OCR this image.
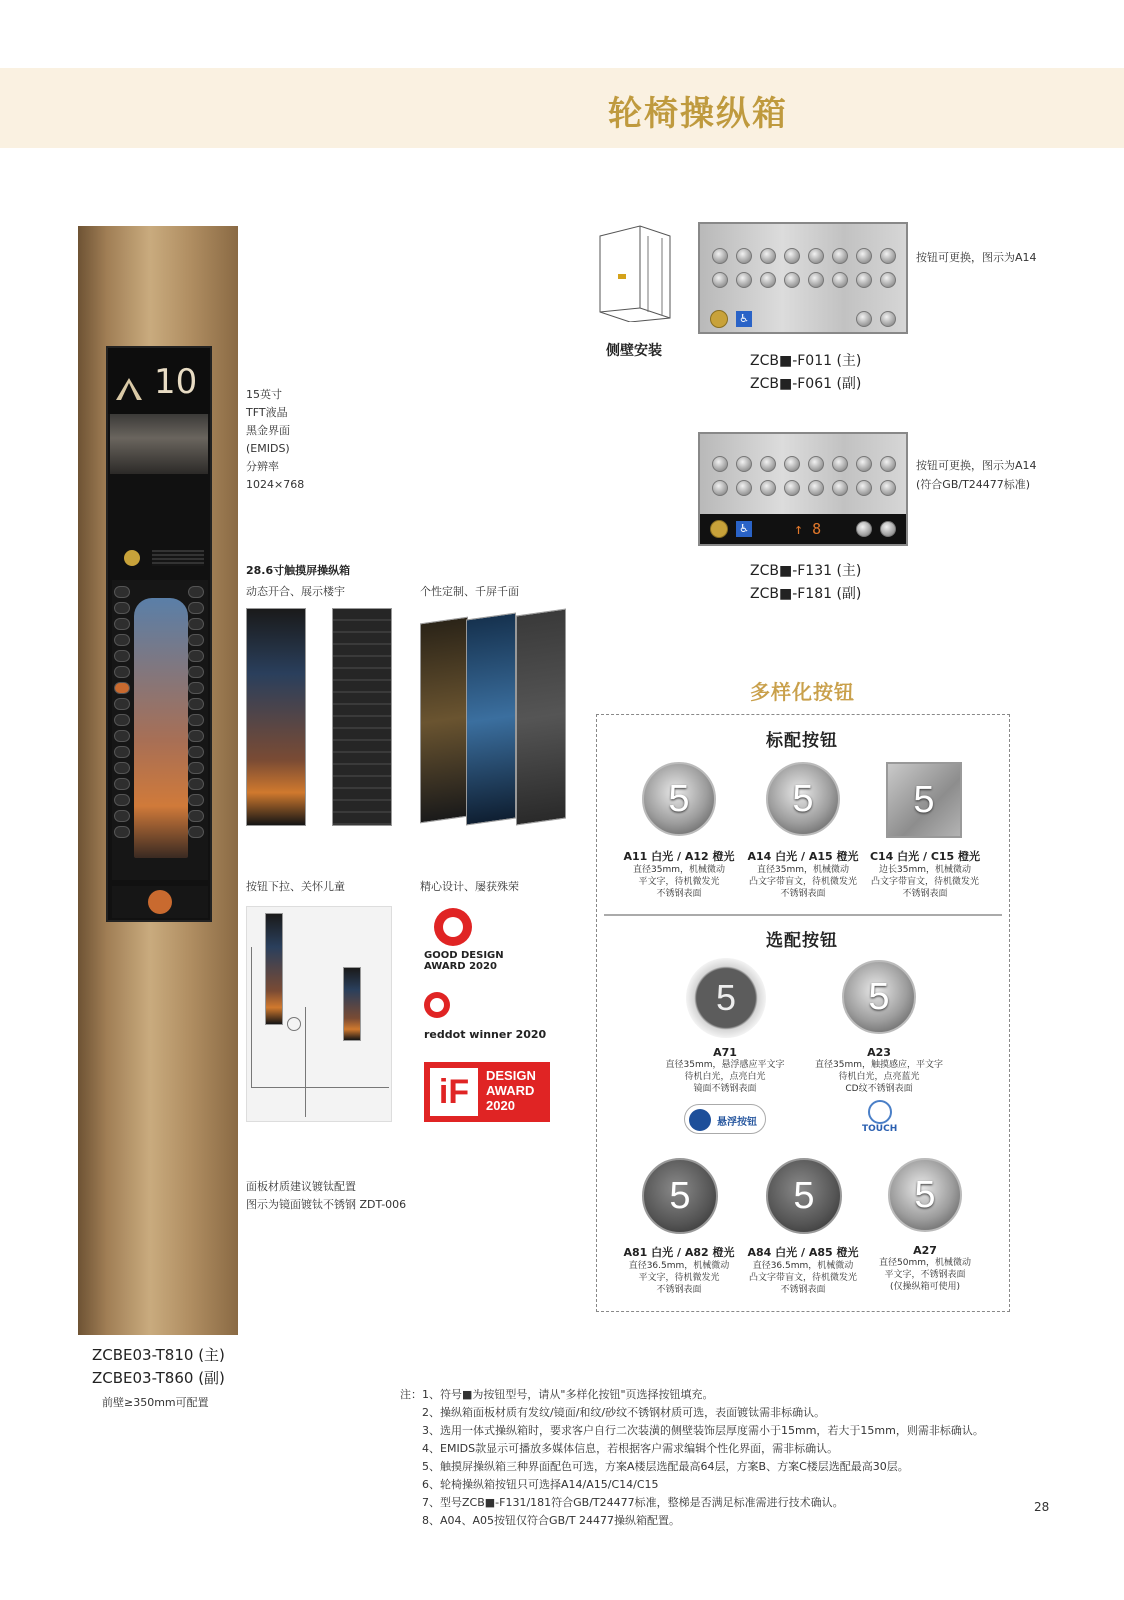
轮椅操纵箱
10
ZCBE03-T810 (主)
ZCBE03-T860 (副)
前壁≥350mm可配置
15英寸
TFT液晶
黑金界面
(EMIDS)
分辨率
1024×768
28.6寸触摸屏操纵箱
动态开合、展示楼宇	个性定制、千屏千面
按钮下拉、关怀儿童	精心设计、屡获殊荣
GOOD DESIGN
AWARD 2020
reddot winner 2020
iF	DESIGN
AWARD
2020
面板材质建议镀钛配置
图示为镜面镀钛不锈钢 ZDT-006
侧壁安装
♿
按钮可更换，图示为A14
ZCB■-F011 (主)
ZCB■-F061 (副)
♿	↑ 8
按钮可更换，图示为A14
(符合GB/T24477标准)
ZCB■-F131 (主)
ZCB■-F181 (副)
多样化按钮
标配按钮
5	5	5
A11 白光 / A12 橙光
直径35mm，机械微动
平文字，待机微发光
不锈钢表面
A14 白光 / A15 橙光
直径35mm，机械微动
凸文字带盲文，待机微发光
不锈钢表面
C14 白光 / C15 橙光
边长35mm，机械微动
凸文字带盲文，待机微发光
不锈钢表面
选配按钮
5	5
A71
直径35mm，悬浮感应平文字
待机白光，点亮白光
镜面不锈钢表面
A23
直径35mm，触摸感应，平文字
待机白光，点亮蓝光
CD纹不锈钢表面
悬浮按钮
TOUCH
5	5	5
A81 白光 / A82 橙光
直径36.5mm，机械微动
平文字，待机微发光
不锈钢表面
A84 白光 / A85 橙光
直径36.5mm，机械微动
凸文字带盲文，待机微发光
不锈钢表面
A27
直径50mm，机械微动
平文字，不锈钢表面
(仅操纵箱可使用)
注：1、符号■为按钮型号，请从"多样化按钮"页选择按钮填充。
2、操纵箱面板材质有发纹/镜面/和纹/砂纹不锈钢材质可选，表面镀钛需非标确认。
3、选用一体式操纵箱时，要求客户自行二次装潢的侧壁装饰层厚度需小于15mm，若大于15mm，则需非标确认。
4、EMIDS款显示可播放多媒体信息，若根据客户需求编辑个性化界面，需非标确认。
5、触摸屏操纵箱三种界面配色可选，方案A楼层选配最高64层，方案B、方案C楼层选配最高30层。
6、轮椅操纵箱按钮只可选择A14/A15/C14/C15
7、型号ZCB■-F131/181符合GB/T24477标准，整梯是否满足标准需进行技术确认。
8、A04、A05按钮仅符合GB/T 24477操纵箱配置。
28
